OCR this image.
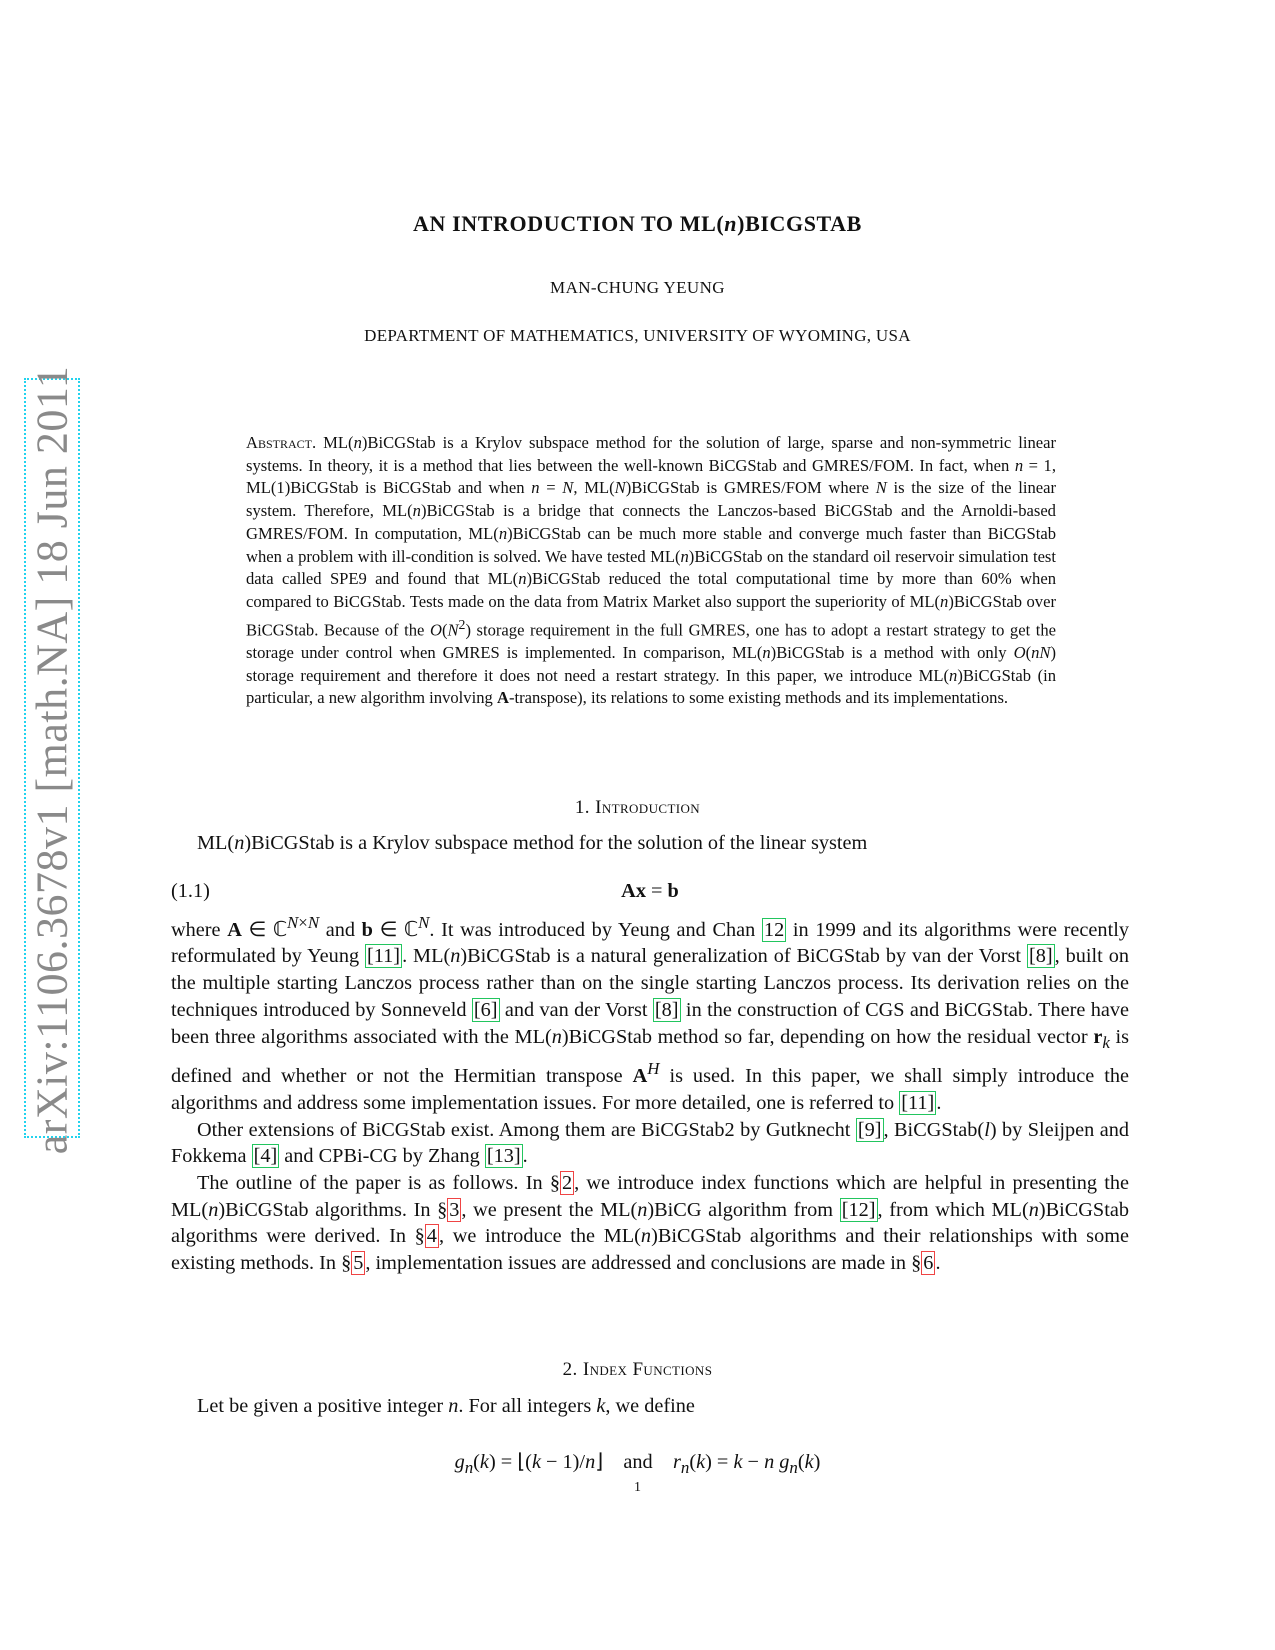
arXiv:1106.3678v1 [math.NA] 18 Jun 2011
AN INTRODUCTION TO ML(n)BICGSTAB
MAN-CHUNG YEUNG
DEPARTMENT OF MATHEMATICS, UNIVERSITY OF WYOMING, USA
Abstract. ML(n)BiCGStab is a Krylov subspace method for the solution of large, sparse and non-symmetric linear systems. In theory, it is a method that lies between the well-known BiCGStab and GMRES/FOM. In fact, when n = 1, ML(1)BiCGStab is BiCGStab and when n = N, ML(N)BiCGStab is GMRES/FOM where N is the size of the linear system. Therefore, ML(n)BiCGStab is a bridge that connects the Lanczos-based BiCGStab and the Arnoldi-based GMRES/FOM. In computation, ML(n)BiCGStab can be much more stable and converge much faster than BiCGStab when a problem with ill-condition is solved. We have tested ML(n)BiCGStab on the standard oil reservoir simulation test data called SPE9 and found that ML(n)BiCGStab reduced the total computational time by more than 60% when compared to BiCGStab. Tests made on the data from Matrix Market also support the superiority of ML(n)BiCGStab over BiCGStab. Because of the $O(N^2)$ storage requirement in the full GMRES, one has to adopt a restart strategy to get the storage under control when GMRES is implemented. In comparison, ML(n)BiCGStab is a method with only O(nN) storage requirement and therefore it does not need a restart strategy. In this paper, we introduce ML(n)BiCGStab (in particular, a new algorithm involving A-transpose), its relations to some existing methods and its implementations.
1. Introduction

ML(n)BiCGStab is a Krylov subspace method for the solution of the linear system

(1.1)	Ax = b

where A ∈ ℂ$^{N\times N}$ and b ∈ ℂ$^N$. It was introduced by Yeung and Chan 12 in 1999 and its algorithms were recently reformulated by Yeung [11]. ML(n)BiCGStab is a natural generalization of BiCGStab by van der Vorst [8], built on the multiple starting Lanczos process rather than on the single starting Lanczos process. Its derivation relies on the techniques introduced by Sonneveld [6] and van der Vorst [8] in the construction of CGS and BiCGStab. There have been three algorithms associated with the ML(n)BiCGStab method so far, depending on how the residual vector $r_k$ is defined and whether or not the Hermitian transpose $A^H$ is used. In this paper, we shall simply introduce the algorithms and address some implementation issues. For more detailed, one is referred to [11].

Other extensions of BiCGStab exist. Among them are BiCGStab2 by Gutknecht [9], BiCGStab(l) by Sleijpen and Fokkema [4] and CPBi-CG by Zhang [13].

The outline of the paper is as follows. In §2, we introduce index functions which are helpful in presenting the ML(n)BiCGStab algorithms. In §3, we present the ML(n)BiCG algorithm from [12], from which ML(n)BiCGStab algorithms were derived. In §4, we introduce the ML(n)BiCGStab algorithms and their relationships with some existing methods. In §5, implementation issues are addressed and conclusions are made in §6.

2. Index Functions

Let be given a positive integer n. For all integers k, we define

$g_n(k)$ = ⌊(k − 1)/n⌋    and    $r_n(k) = k - n$ $g_n(k)$
1
